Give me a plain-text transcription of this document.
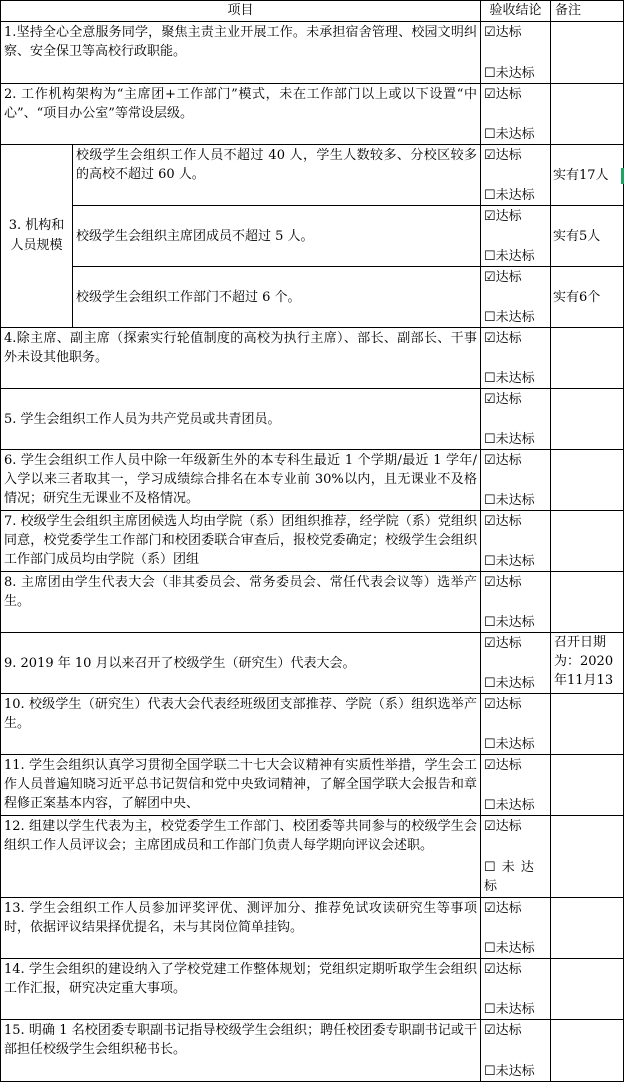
项目	验收结论	备注
1.坚持全心全意服务同学，聚焦主责主业开展工作。未承担宿舍管理、校园文明纠察、安全保卫等高校行政职能。
☑达标
☐未达标
2. 工作机构架构为“主席团+工作部门”模式，未在工作部门以上或以下设置“中心”、“项目办公室”等常设层级。
☑达标
☐未达标
3. 机构和人员规模
校级学生会组织工作人员不超过 40 人，学生人数较多、分校区较多的高校不超过 60 人。
☑达标
☐未达标
实有17人
校级学生会组织主席团成员不超过 5 人。
☑达标
☐未达标
实有5人
校级学生会组织工作部门不超过 6 个。
☑达标
☐未达标
实有6个
4.除主席、副主席（探索实行轮值制度的高校为执行主席）、部长、副部长、干事外未设其他职务。
☑达标
☐未达标
5. 学生会组织工作人员为共产党员或共青团员。
☑达标
☐未达标
6. 学生会组织工作人员中除一年级新生外的本专科生最近 1 个学期/最近 1 学年/入学以来三者取其一，学习成绩综合排名在本专业前 30%以内，且无课业不及格情况；研究生无课业不及格情况。
☑达标
☐未达标
7. 校级学生会组织主席团候选人均由学院（系）团组织推荐，经学院（系）党组织同意，校党委学生工作部门和校团委联合审查后，报校党委确定；校级学生会组织工作部门成员均由学院（系）团组
☑达标
☐未达标
8. 主席团由学生代表大会（非其委员会、常务委员会、常任代表会议等）选举产生。
☑达标
☐未达标
9. 2019 年 10 月以来召开了校级学生（研究生）代表大会。
☑达标
☐未达标
召开日期为：2020年11月13
10. 校级学生（研究生）代表大会代表经班级团支部推荐、学院（系）组织选举产生。
☑达标
☐未达标
11. 学生会组织认真学习贯彻全国学联二十七大会议精神有实质性举措，学生会工作人员普遍知晓习近平总书记贺信和党中央致词精神，了解全国学联大会报告和章程修正案基本内容，了解团中央、
☑达标
☐未达标
12. 组建以学生代表为主，校党委学生工作部门、校团委等共同参与的校级学生会组织工作人员评议会；主席团成员和工作部门负责人每学期向评议会述职。
☑达标
☐ 未 达 标
13. 学生会组织工作人员参加评奖评优、测评加分、推荐免试攻读研究生等事项时，依据评议结果择优提名，未与其岗位简单挂钩。
☑达标
☐未达标
14. 学生会组织的建设纳入了学校党建工作整体规划；党组织定期听取学生会组织工作汇报，研究决定重大事项。
☑达标
☐未达标
15. 明确 1 名校团委专职副书记指导校级学生会组织；聘任校团委专职副书记或干部担任校级学生会组织秘书长。
☑达标
☐未达标
